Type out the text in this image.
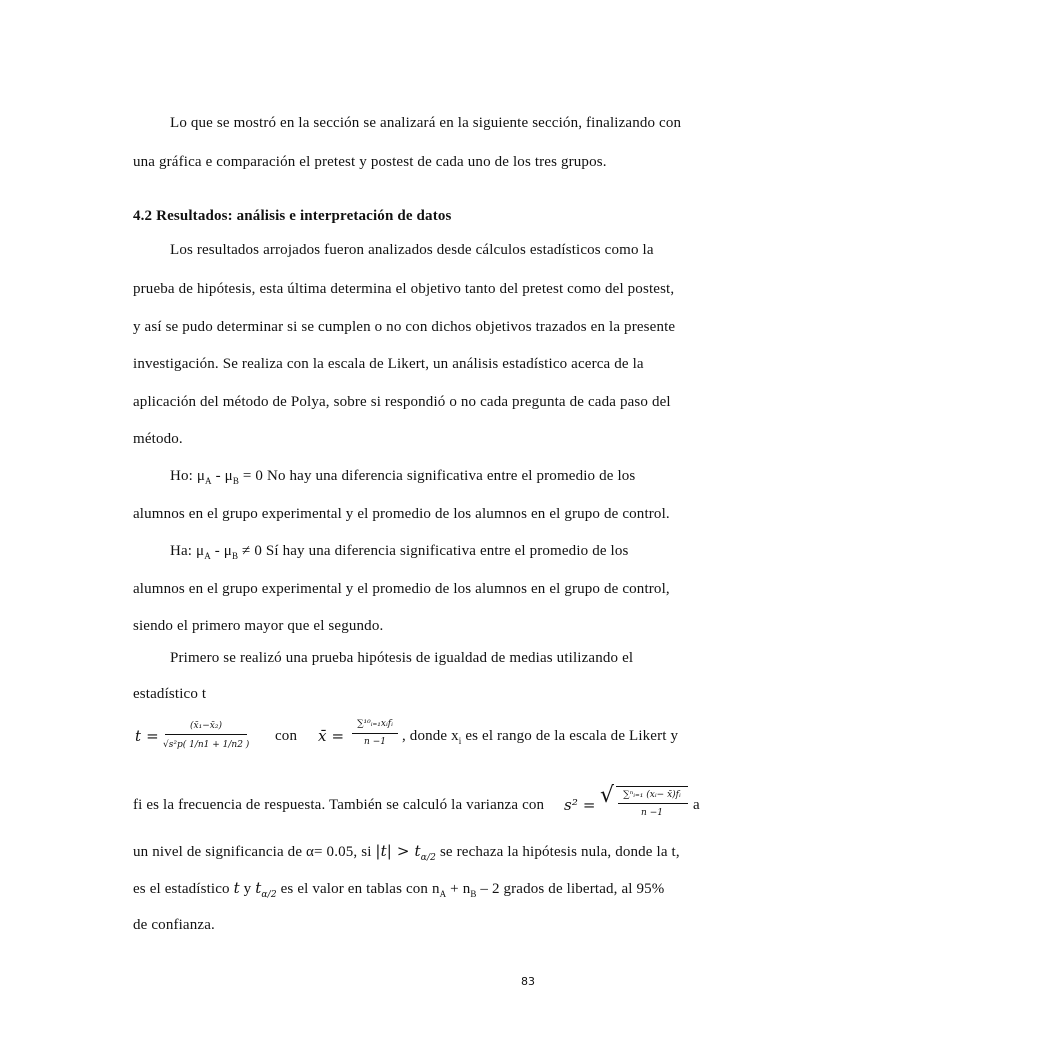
Lo que se mostró en la sección se analizará en la siguiente sección, finalizando con
una gráfica e comparación el pretest y postest de cada uno de los tres grupos.
4.2 Resultados: análisis e interpretación de datos
Los resultados arrojados fueron analizados desde cálculos estadísticos como la
prueba de hipótesis, esta última determina el objetivo tanto del pretest como del postest,
y así se pudo determinar si se cumplen o no con dichos objetivos trazados en la presente
investigación. Se realiza con la escala de Likert, un análisis estadístico acerca de la
aplicación del método de Polya, sobre si respondió o no cada pregunta de cada paso del
método.
Ho: $\mu_A - \mu_B = 0$ No hay una diferencia significativa entre el promedio de los
alumnos en el grupo experimental y el promedio de los alumnos en el grupo de control.
Ha: $\mu_A - \mu_B \ne 0$ Sí hay una diferencia significativa entre el promedio de los
alumnos en el grupo experimental y el promedio de los alumnos en el grupo de control,
siendo el primero mayor que el segundo.
Primero se realizó una prueba hipótesis de igualdad de medias utilizando el
estadístico t
t =
(x̄₁−x̄₂)
√s²p( 1/n1 + 1/n2 )
con x̄ =
∑¹⁰ᵢ₌₁xᵢfᵢ
n −1	, donde $x_i$ es el rango de la escala de Likert y
fi es la frecuencia de respuesta. También se calculó la varianza con s² = √	∑ⁿᵢ₌₁ (xᵢ− x̄)fᵢ
n −1	a
un nivel de significancia de α= 0.05, si $|t| > t_{\alpha/2}$ se rechaza la hipótesis nula, donde la t,
es el estadístico t y $t_{\alpha/2}$ es el valor en tablas con $n_A + n_B - 2$ grados de libertad, al 95%
de confianza.
83
